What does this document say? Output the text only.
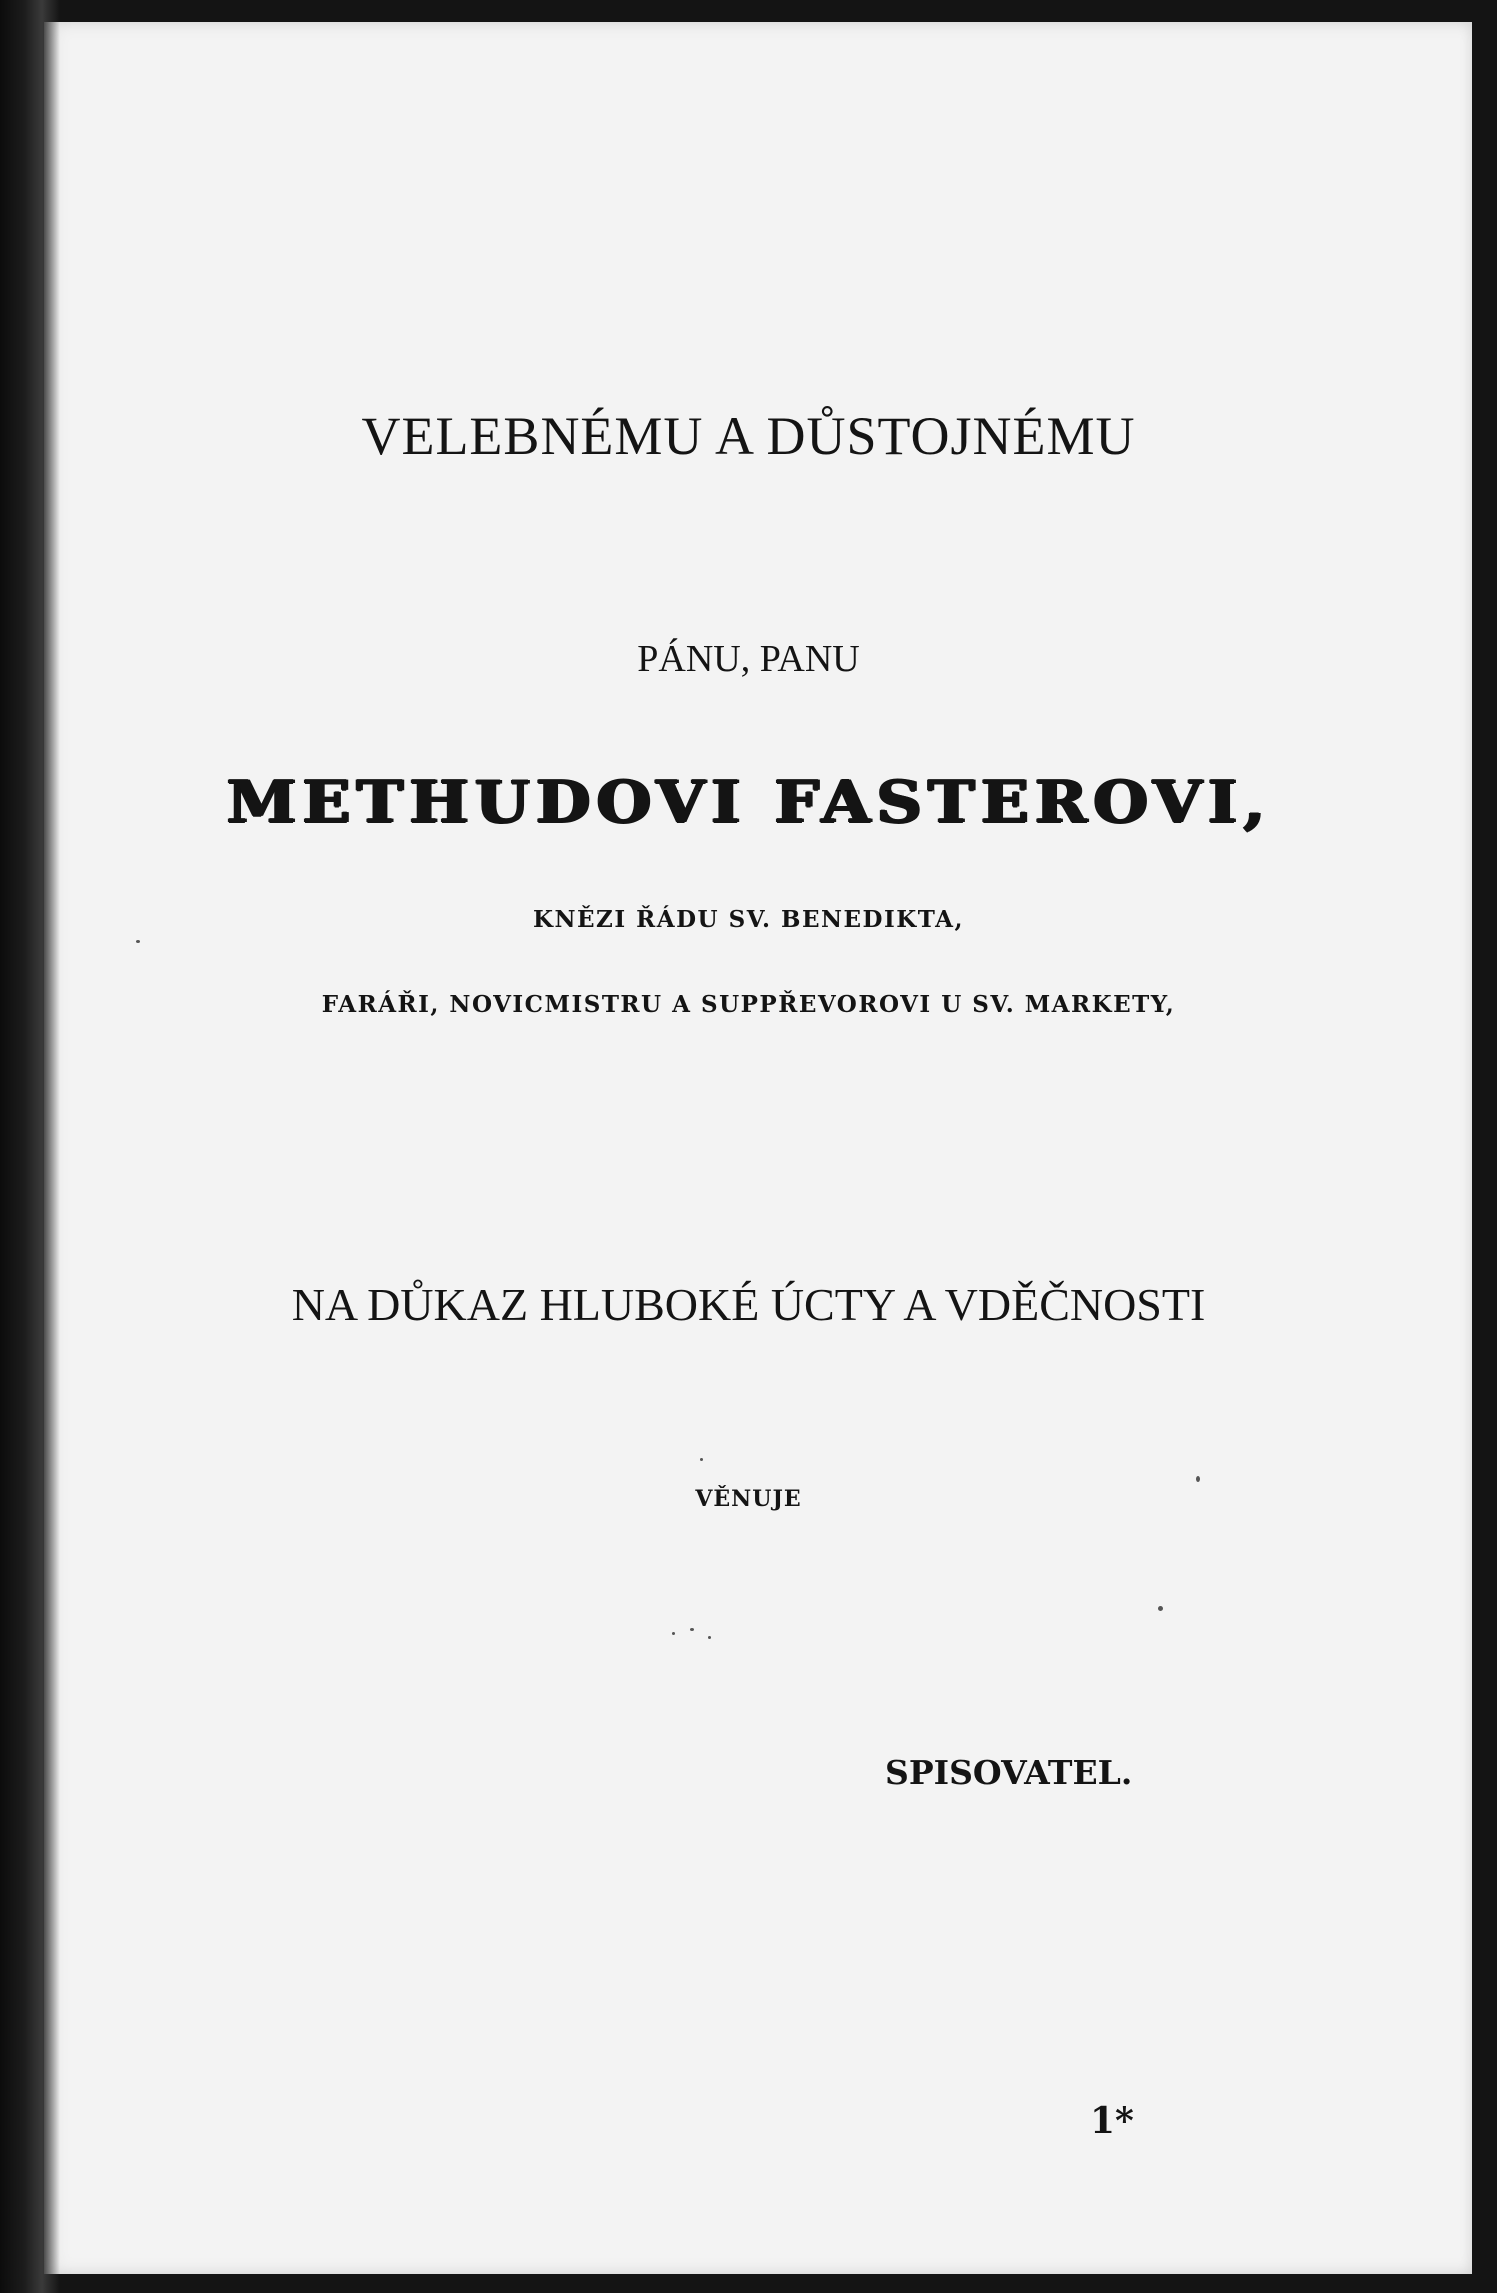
VELEBNÉMU A DŮSTOJNÉMU
PÁNU, PANU
METHUDOVI FASTEROVI,
KNĚZI ŘÁDU SV. BENEDIKTA,
FARÁŘI, NOVICMISTRU A SUPPŘEVOROVI U SV. MARKETY,
NA DŮKAZ HLUBOKÉ ÚCTY A VDĚČNOSTI
VĚNUJE
SPISOVATEL.
1*
